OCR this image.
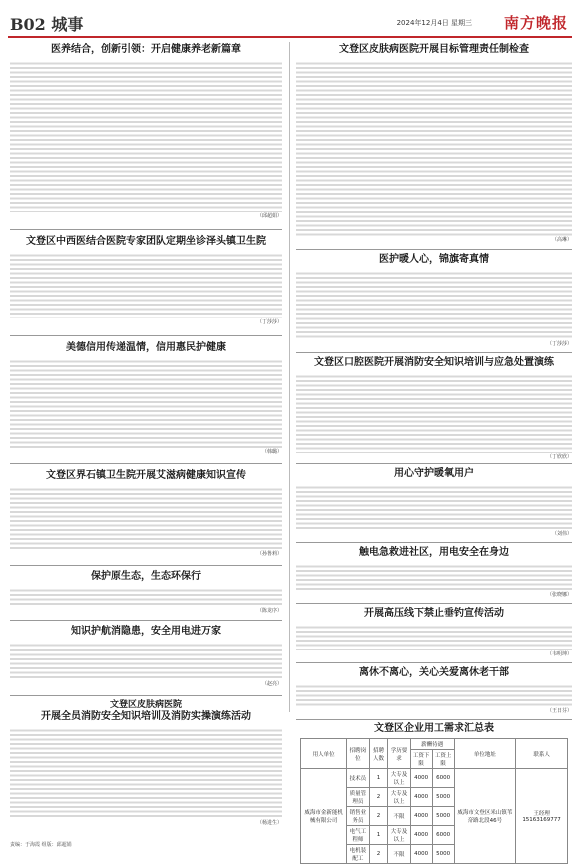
B02 城事	2024年12月4日 星期三 南方晚报
医养结合，创新引领：开启健康养老新篇章
（邱超娟）
文登区中西医结合医院专家团队定期坐诊泽头镇卫生院
（丁莎莎）
美德信用传递温情，信用惠民护健康
（韩璐）
文登区界石镇卫生院开展艾滋病健康知识宣传
（孙鲁莉）
保护原生态，生态环保行
（陈龙序）
知识护航消隐患，安全用电进万家
（赵亮）
文登区皮肤病医院
开展全员消防安全知识培训及消防实操演练活动
（杨进生）
文登区皮肤病医院开展目标管理责任制检查
（高琳）
医护暖人心，锦旗寄真情
（丁莎莎）
文登区口腔医院开展消防安全知识培训与应急处置演练
（丁欣欣）
用心守护暖氧用户
（刘伟）
触电急救进社区，用电安全在身边
（张晓娜）
开展高压线下禁止垂钓宣传活动
（韦明坤）
离休不离心，关心关爱离休老干部
（王日芬）
文登区企业用工需求汇总表
用人单位	招聘岗位	招聘人数	学历要求	薪酬待遇		单位地址	联系人
				工资下限	工资上限		
威海市金新能机械有限公司	技术员	1	大专及以上	4000	6000	威海市文登区米山镇苇夼路北段46号	王经理15163169777
	质量管理员	2	大专及以上	4000	5000		
	销售业务员	2	不限	4000	5000		
	电气工程师	1	大专及以上	4000	6000		
	电机装配工	2	不限	4000	5000		
责编：于海霞 组版：邱超娟
